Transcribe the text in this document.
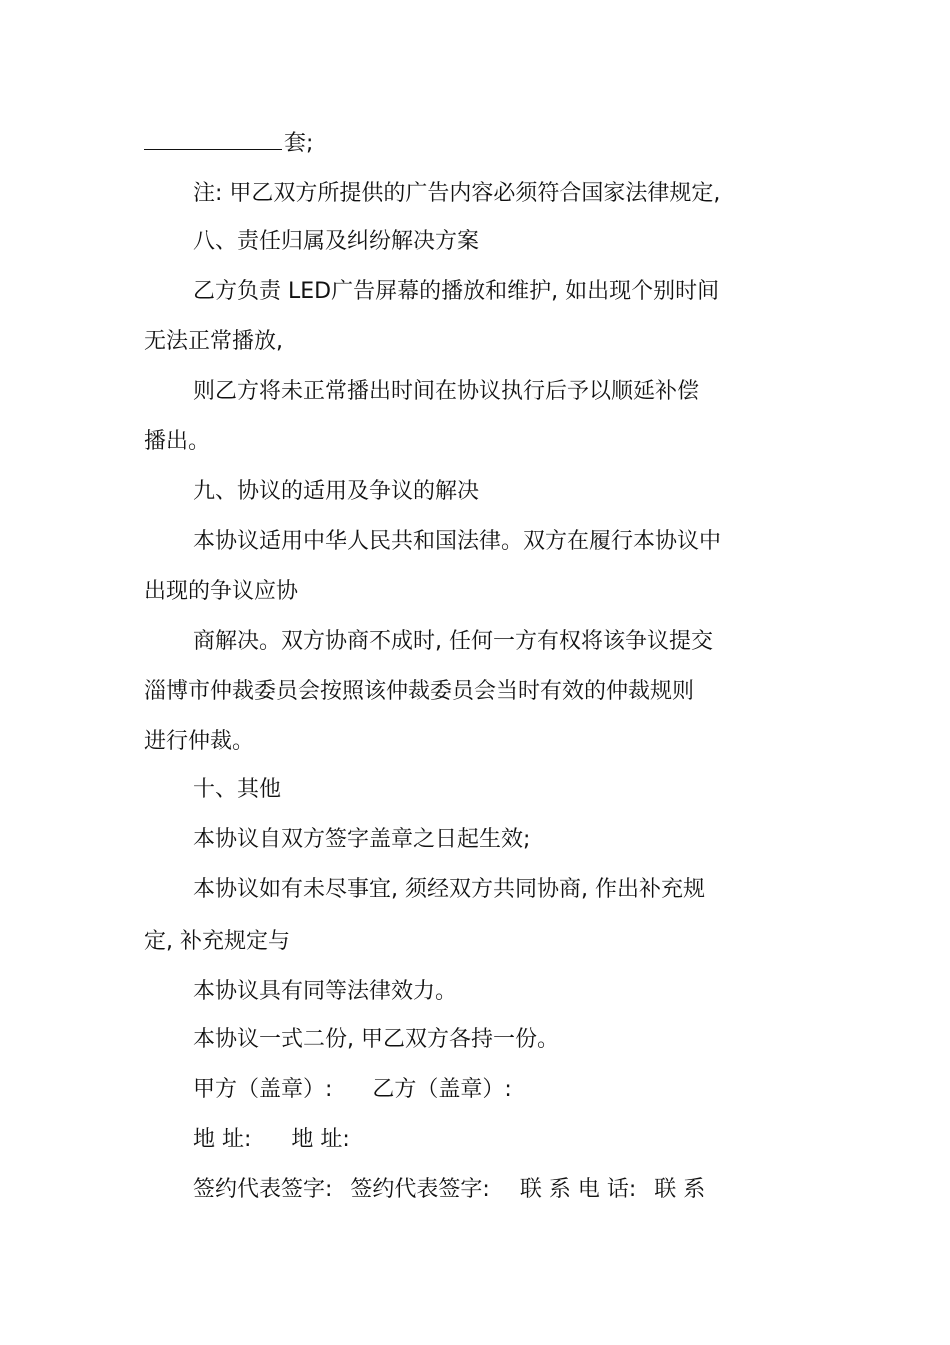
套;
注: 甲乙双方所提供的广告内容必须符合国家法律规定,
八、责任归属及纠纷解决方案
乙方负责 LED广告屏幕的播放和维护, 如出现个别时间
无法正常播放,
则乙方将未正常播出时间在协议执行后予以顺延补偿
播出。
九、协议的适用及争议的解决
本协议适用中华人民共和国法律。双方在履行本协议中
出现的争议应协
商解决。双方协商不成时, 任何一方有权将该争议提交
淄博市仲裁委员会按照该仲裁委员会当时有效的仲裁规则
进行仲裁。
十、其他
本协议自双方签字盖章之日起生效;
本协议如有未尽事宜, 须经双方共同协商, 作出补充规
定, 补充规定与
本协议具有同等法律效力。
本协议一式二份, 甲乙双方各持一份。
甲方（盖章）: 乙方（盖章）:
地 址: 地 址:
签约代表签字: 签约代表签字: 联 系 电 话: 联 系
